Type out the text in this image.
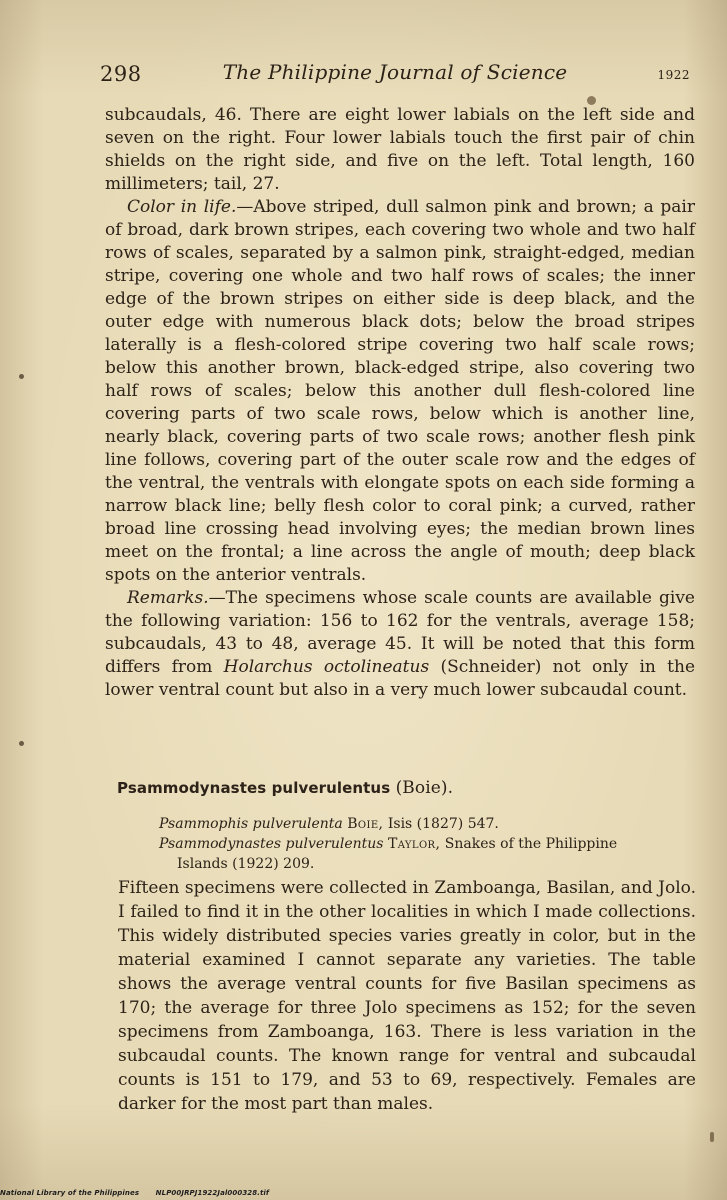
298	The Philippine Journal of Science	1922

subcaudals, 46. There are eight lower labials on the left side and seven on the right. Four lower labials touch the first pair of chin shields on the right side, and five on the left. Total length, 160 millimeters; tail, 27.

Color in life.—Above striped, dull salmon pink and brown; a pair of broad, dark brown stripes, each covering two whole and two half rows of scales, separated by a salmon pink, straight-edged, median stripe, covering one whole and two half rows of scales; the inner edge of the brown stripes on either side is deep black, and the outer edge with numerous black dots; below the broad stripes laterally is a flesh-colored stripe covering two half scale rows; below this another brown, black-edged stripe, also covering two half rows of scales; below this another dull flesh-colored line covering parts of two scale rows, below which is another line, nearly black, covering parts of two scale rows; another flesh pink line follows, covering part of the outer scale row and the edges of the ventral, the ventrals with elongate spots on each side forming a narrow black line; belly flesh color to coral pink; a curved, rather broad line crossing head involving eyes; the median brown lines meet on the frontal; a line across the angle of mouth; deep black spots on the anterior ventrals.

Remarks.—The specimens whose scale counts are available give the following variation: 156 to 162 for the ventrals, average 158; subcaudals, 43 to 48, average 45. It will be noted that this form differs from Holarchus octolineatus (Schneider) not only in the lower ventral count but also in a very much lower subcaudal count.

Psammodynastes pulverulentus (Boie).

Psammophis pulverulenta Boie, Isis (1827) 547.

Psammodynastes pulverulentus Taylor, Snakes of the Philippine
Islands (1922) 209.

Fifteen specimens were collected in Zamboanga, Basilan, and Jolo. I failed to find it in the other localities in which I made collections. This widely distributed species varies greatly in color, but in the material examined I cannot separate any varieties. The table shows the average ventral counts for five Basilan specimens as 170; the average for three Jolo specimens as 152; for the seven specimens from Zamboanga, 163. There is less variation in the subcaudal counts. The known range for ventral and subcaudal counts is 151 to 179, and 53 to 69, respectively. Females are darker for the most part than males.
National Library of the Philippines NLP00JRPJ1922Jal000328.tif
